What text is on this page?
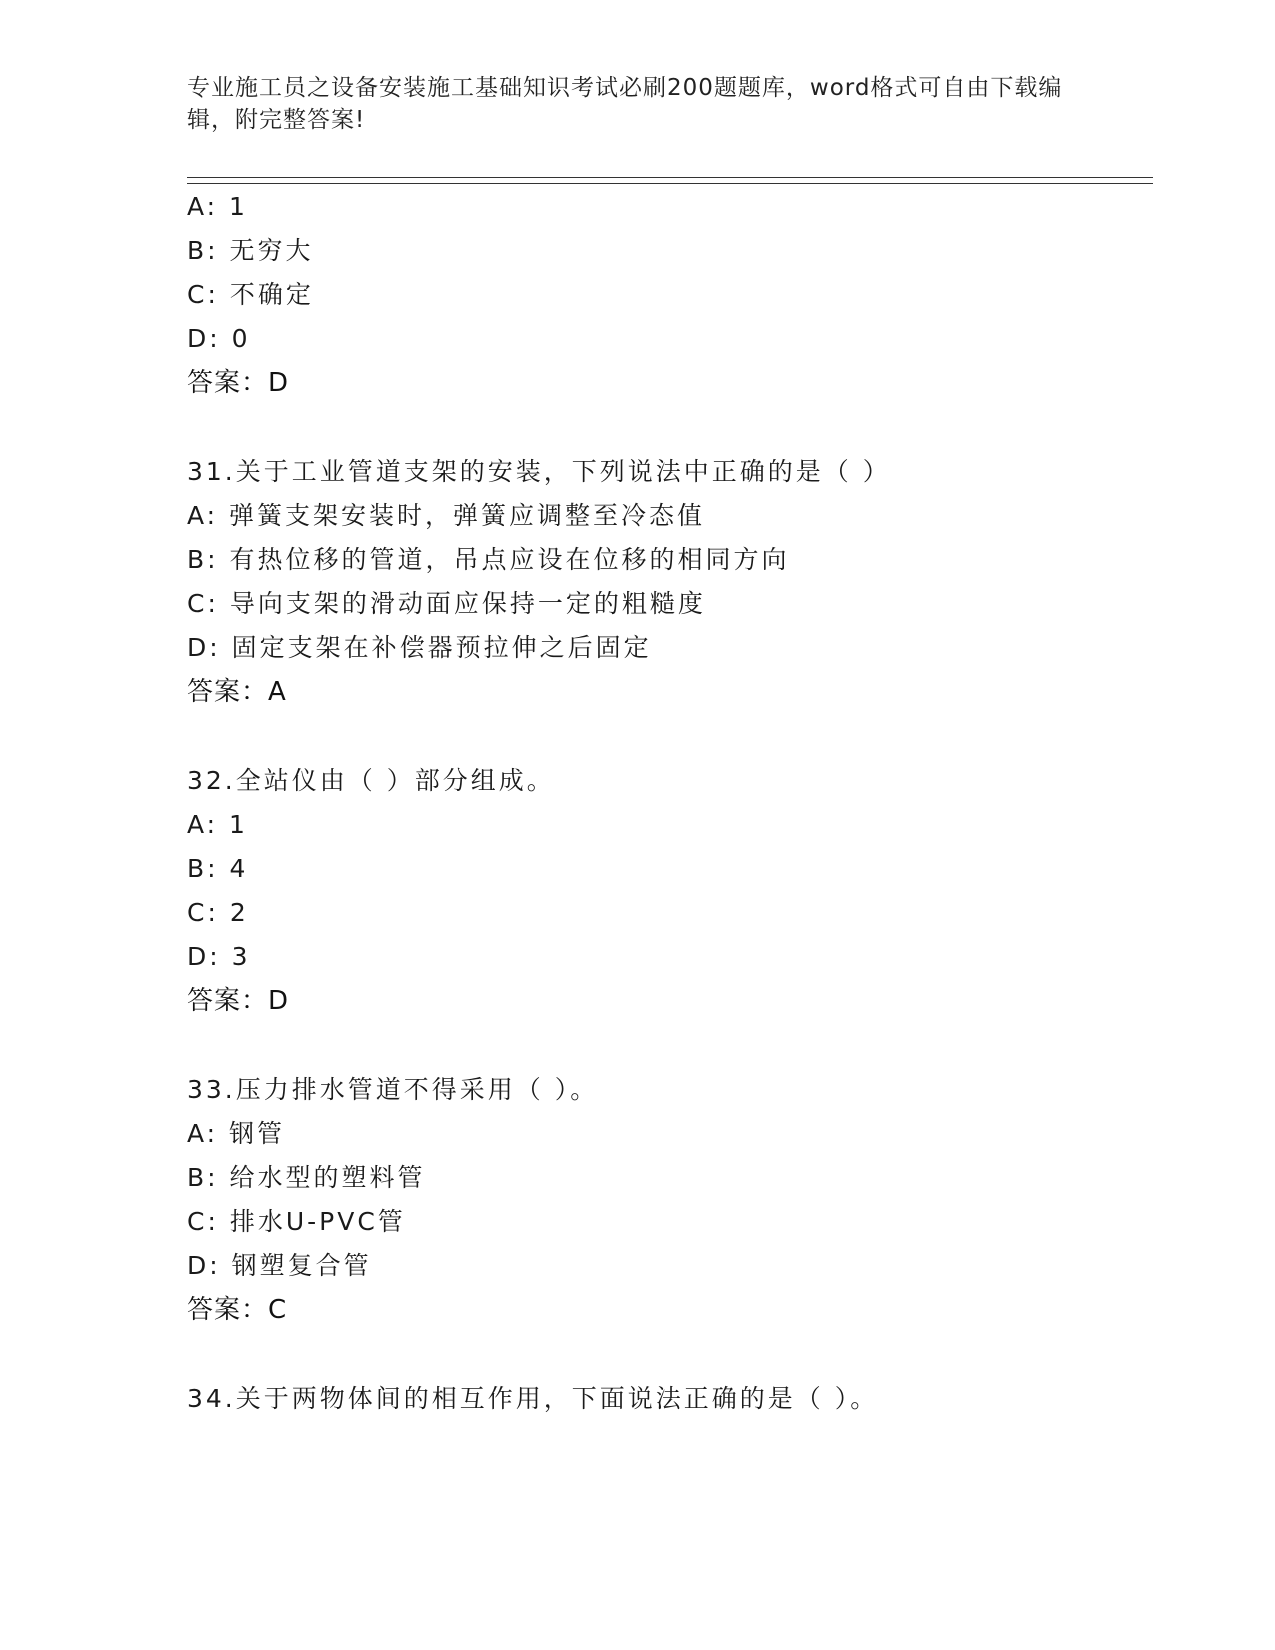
专业施工员之设备安装施工基础知识考试必刷200题题库，word格式可自由下载编辑，附完整答案!
A: 1
B: 无穷大
C: 不确定
D: 0
答案：D
31.关于工业管道支架的安装，下列说法中正确的是（ ）
A: 弹簧支架安装时，弹簧应调整至冷态值
B: 有热位移的管道，吊点应设在位移的相同方向
C: 导向支架的滑动面应保持一定的粗糙度
D: 固定支架在补偿器预拉伸之后固定
答案：A
32.全站仪由（ ）部分组成。
A: 1
B: 4
C: 2
D: 3
答案：D
33.压力排水管道不得采用（ ）。
A: 钢管
B: 给水型的塑料管
C: 排水U-PVC管
D: 钢塑复合管
答案：C
34.关于两物体间的相互作用，下面说法正确的是（ ）。
